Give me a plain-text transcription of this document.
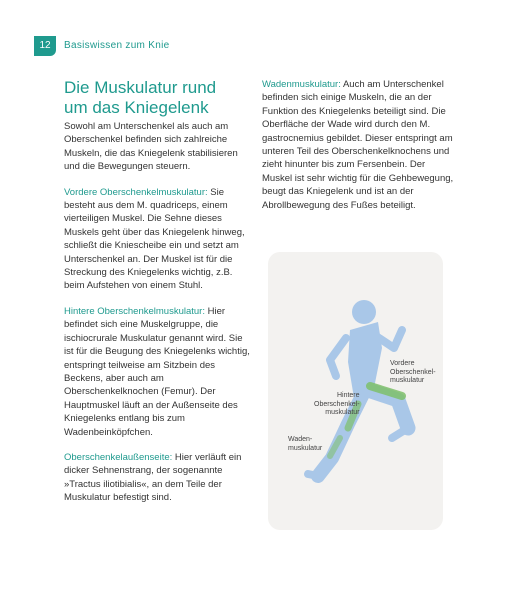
12	Basiswissen zum Knie
Die Muskulatur rund
um das Kniegelenk

Sowohl am Unterschenkel als auch am Oberschenkel befinden sich zahlreiche Muskeln, die das Kniegelenk stabilisieren und die Bewegungen steuern.

Vordere Oberschenkelmuskulatur: Sie besteht aus dem M. quadriceps, einem vierteiligen Muskel. Die Sehne dieses Muskels geht über das Kniegelenk hinweg, schließt die Kniescheibe ein und setzt am Unterschenkel an. Der Muskel ist für die Streckung des Kniegelenks wichtig, z.B. beim Aufstehen von einem Stuhl.

Hintere Oberschenkelmuskulatur: Hier befindet sich eine Muskelgruppe, die ischiocrurale Muskulatur genannt wird. Sie ist für die Beugung des Kniegelenks wichtig, entspringt teilweise am Sitzbein des Beckens, aber auch am Oberschenkelknochen (Femur). Der Hauptmuskel läuft an der Außenseite des Kniegelenks entlang bis zum Wadenbeinköpfchen.

Oberschenkelaußenseite: Hier verläuft ein dicker Sehnenstrang, der sogenannte »Tractus iliotibialis«, an dem Teile der Muskulatur befestigt sind.

Wadenmuskulatur: Auch am Unterschenkel befinden sich einige Muskeln, die an der Funktion des Kniegelenks beteiligt sind. Die Oberfläche der Wade wird durch den M. gastrocnemius gebildet. Dieser entspringt am unteren Teil des Oberschenkelknochens und zieht hinunter bis zum Fersenbein. Der Muskel ist sehr wichtig für die Gehbewegung, beugt das Kniegelenk und ist an der Abrollbewegung des Fußes beteiligt.

Vordere
Oberschenkel-
muskulatur
Hintere
Oberschenkel-
muskulatur
Waden-
muskulatur
